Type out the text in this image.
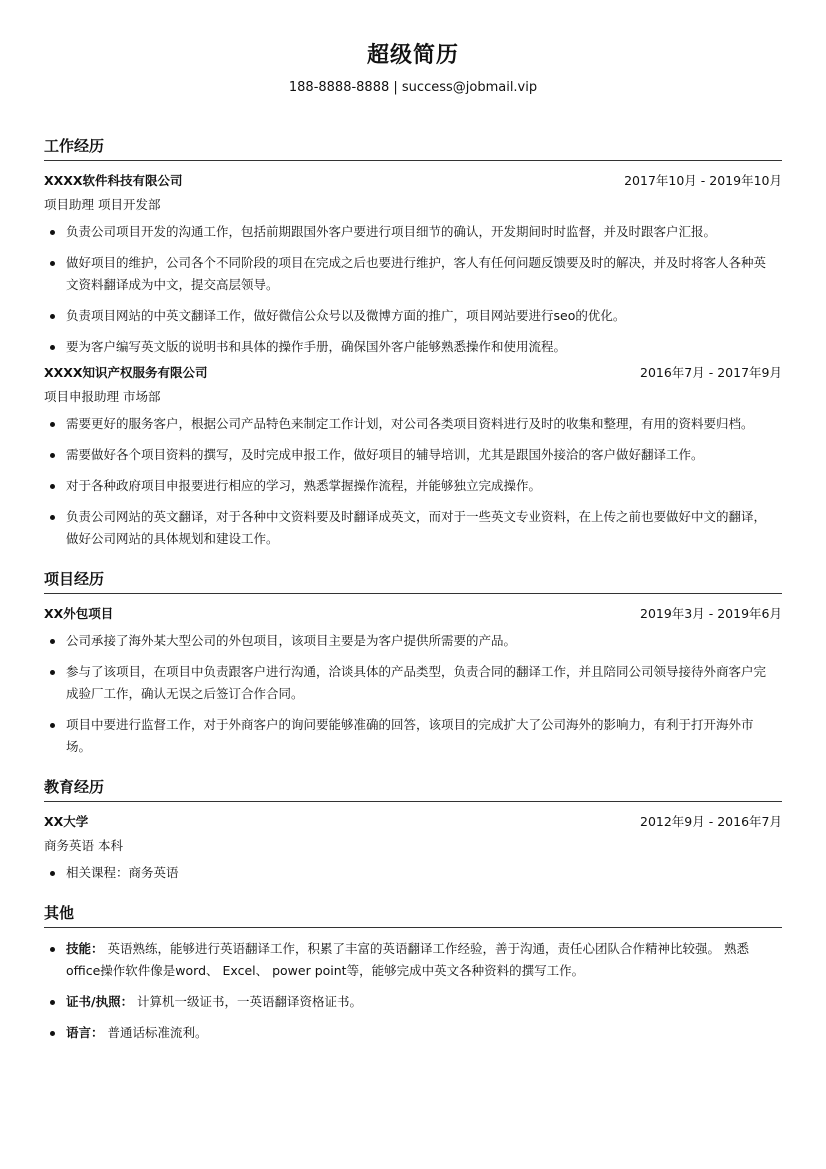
超级简历
188-8888-8888 | success@jobmail.vip
工作经历
XXXX软件科技有限公司	2017年10月 - 2019年10月
项目助理 项目开发部
负责公司项目开发的沟通工作，包括前期跟国外客户要进行项目细节的确认，开发期间时时监督，并及时跟客户汇报。
做好项目的维护，公司各个不同阶段的项目在完成之后也要进行维护，客人有任何问题反馈要及时的解决，并及时将客人各种英文资料翻译成为中文，提交高层领导。
负责项目网站的中英文翻译工作，做好微信公众号以及微博方面的推广，项目网站要进行seo的优化。
要为客户编写英文版的说明书和具体的操作手册，确保国外客户能够熟悉操作和使用流程。
XXXX知识产权服务有限公司	2016年7月 - 2017年9月
项目申报助理 市场部
需要更好的服务客户，根据公司产品特色来制定工作计划，对公司各类项目资料进行及时的收集和整理，有用的资料要归档。
需要做好各个项目资料的撰写，及时完成申报工作，做好项目的辅导培训，尤其是跟国外接洽的客户做好翻译工作。
对于各种政府项目申报要进行相应的学习，熟悉掌握操作流程，并能够独立完成操作。
负责公司网站的英文翻译，对于各种中文资料要及时翻译成英文，而对于一些英文专业资料，在上传之前也要做好中文的翻译，做好公司网站的具体规划和建设工作。
项目经历
XX外包项目	2019年3月 - 2019年6月
公司承接了海外某大型公司的外包项目，该项目主要是为客户提供所需要的产品。
参与了该项目，在项目中负责跟客户进行沟通，洽谈具体的产品类型，负责合同的翻译工作，并且陪同公司领导接待外商客户完成验厂工作，确认无误之后签订合作合同。
项目中要进行监督工作，对于外商客户的询问要能够准确的回答，该项目的完成扩大了公司海外的影响力，有利于打开海外市场。
教育经历
XX大学	2012年9月 - 2016年7月
商务英语 本科
相关课程：商务英语
其他
技能： 英语熟练，能够进行英语翻译工作，积累了丰富的英语翻译工作经验，善于沟通，责任心团队合作精神比较强。 熟悉office操作软件像是word、 Excel、 power point等，能够完成中英文各种资料的撰写工作。
证书/执照： 计算机一级证书，一英语翻译资格证书。
语言： 普通话标准流利。
